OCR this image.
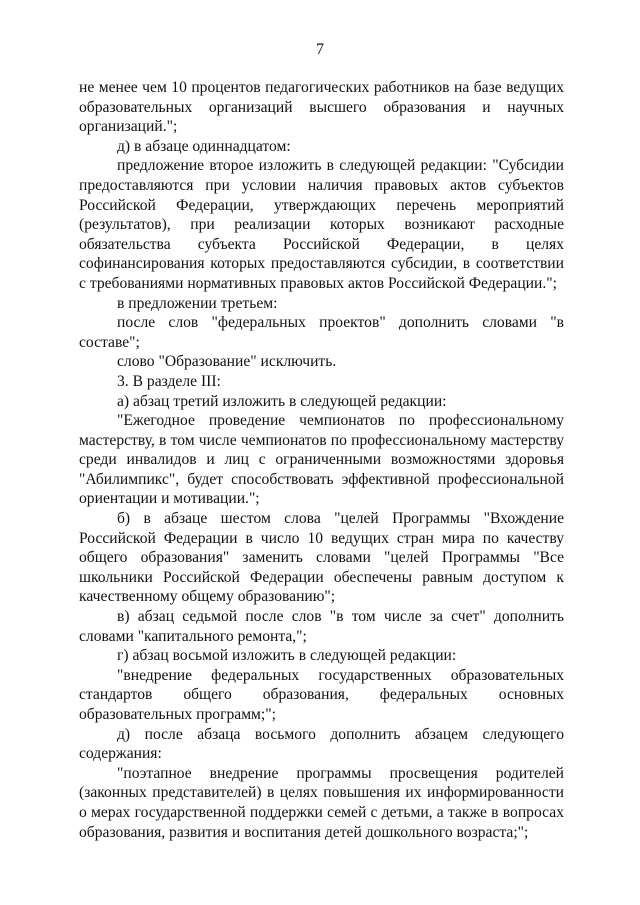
7

не менее чем 10 процентов педагогических работников на базе ведущих образовательных организаций высшего образования и научных организаций.";

д) в абзаце одиннадцатом:

предложение второе изложить в следующей редакции: "Субсидии предоставляются при условии наличия правовых актов субъектов Российской Федерации, утверждающих перечень мероприятий (результатов), при реализации которых возникают расходные обязательства субъекта Российской Федерации, в целях софинансирования которых предоставляются субсидии, в соответствии с требованиями нормативных правовых актов Российской Федерации.";

в предложении третьем:

после слов "федеральных проектов" дополнить словами "в составе";

слово "Образование" исключить.

3. В разделе III:

а) абзац третий изложить в следующей редакции:

"Ежегодное проведение чемпионатов по профессиональному мастерству, в том числе чемпионатов по профессиональному мастерству среди инвалидов и лиц с ограниченными возможностями здоровья "Абилимпикс", будет способствовать эффективной профессиональной ориентации и мотивации.";

б) в абзаце шестом слова "целей Программы "Вхождение Российской Федерации в число 10 ведущих стран мира по качеству общего образования" заменить словами "целей Программы "Все школьники Российской Федерации обеспечены равным доступом к качественному общему образованию";

в) абзац седьмой после слов "в том числе за счет" дополнить словами "капитального ремонта,";

г) абзац восьмой изложить в следующей редакции:

"внедрение федеральных государственных образовательных стандартов общего образования, федеральных основных образовательных программ;";

д) после абзаца восьмого дополнить абзацем следующего содержания:

"поэтапное внедрение программы просвещения родителей (законных представителей) в целях повышения их информированности о мерах государственной поддержки семей с детьми, а также в вопросах образования, развития и воспитания детей дошкольного возраста;";
